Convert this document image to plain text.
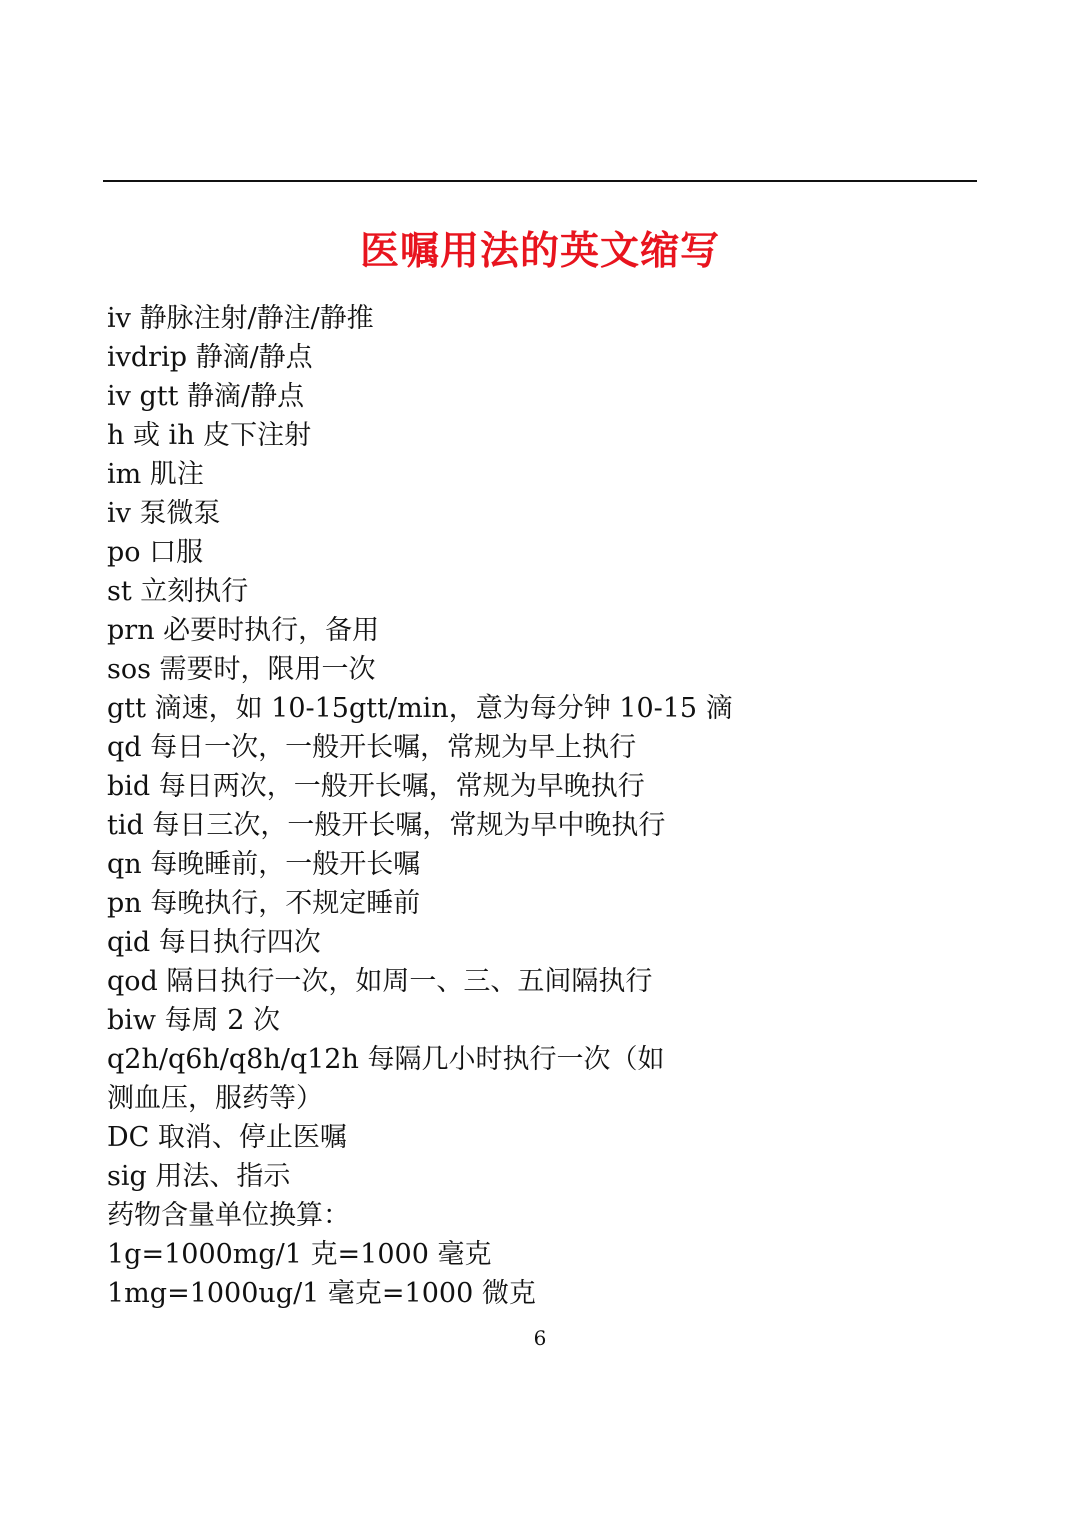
医嘱用法的英文缩写
iv 静脉注射/静注/静推
ivdrip 静滴/静点
iv gtt 静滴/静点
h 或 ih 皮下注射
im 肌注
iv 泵微泵
po 口服
st 立刻执行
prn 必要时执行，备用
sos 需要时，限用一次
gtt 滴速，如 10-15gtt/min，意为每分钟 10-15 滴
qd 每日一次，一般开长嘱，常规为早上执行
bid 每日两次，一般开长嘱，常规为早晚执行
tid 每日三次，一般开长嘱，常规为早中晚执行
qn 每晚睡前，一般开长嘱
pn 每晚执行，不规定睡前
qid 每日执行四次
qod 隔日执行一次，如周一、三、五间隔执行
biw 每周 2 次
q2h/q6h/q8h/q12h 每隔几小时执行一次（如
测血压，服药等）
DC 取消、停止医嘱
sig 用法、指示
药物含量单位换算：
1g=1000mg/1 克=1000 毫克
1mg=1000ug/1 毫克=1000 微克
6
